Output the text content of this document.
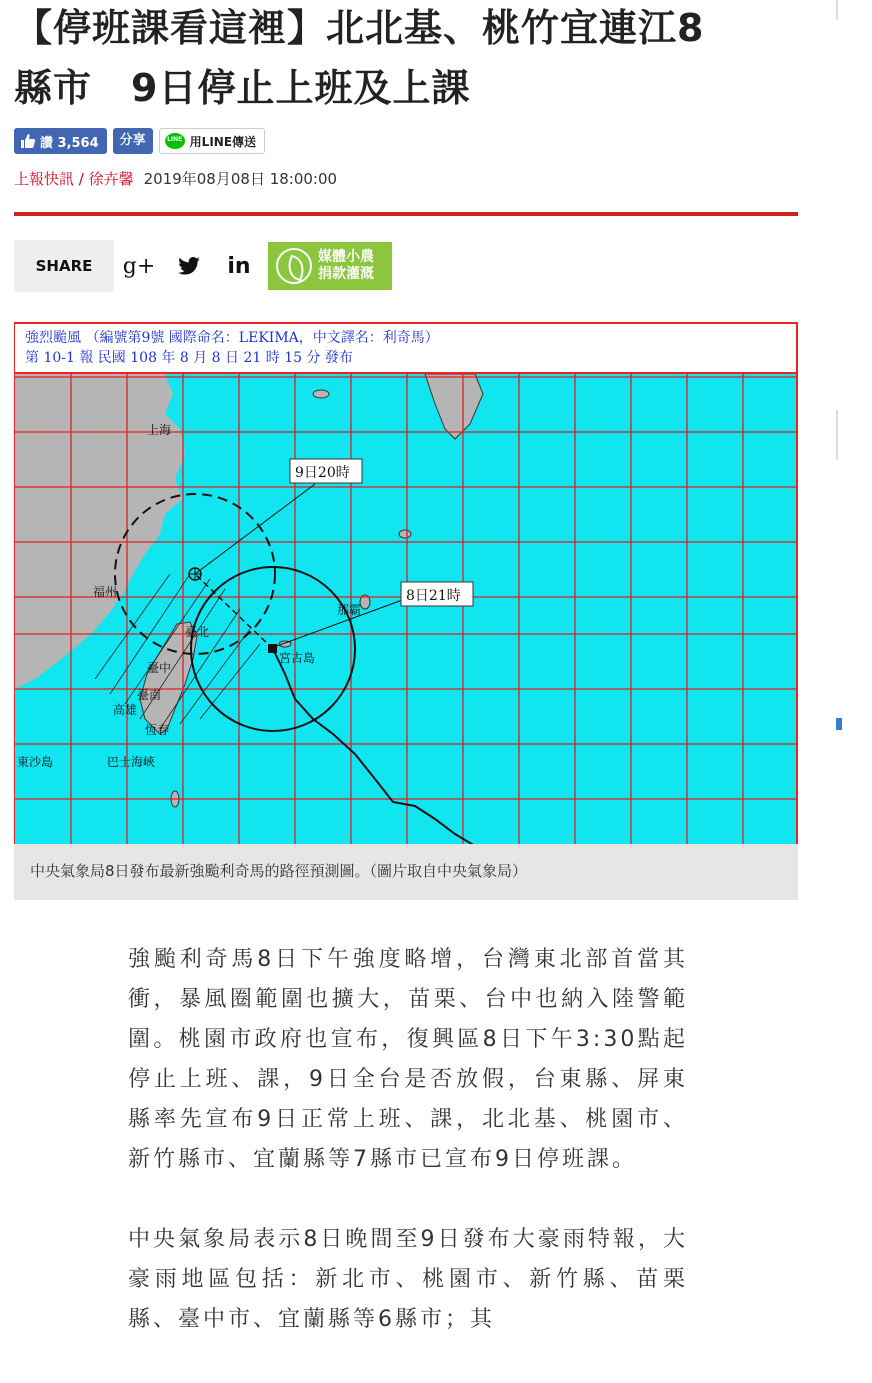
【停班課看這裡】北北基、桃竹宜連江8
縣市　9日停止上班及上課
讚 3,564	分享	LINE 用LINE傳送
上報快訊 / 徐卉馨 2019年08月08日 18:00:00
SHARE	g+	in	媒體小農
捐款灌溉
強烈颱風 （編號第9號 國際命名：LEKIMA，中文譯名：利奇馬）
第 10-1 報 民國 108 年 8 月 8 日 21 時 15 分 發布
9日20時
8日21時
上海
那霸
臺北
臺中
臺南
高雄
恆春
宮古島
東沙島	巴士海峽
福州
中央氣象局8日發布最新強颱利奇馬的路徑預測圖。（圖片取自中央氣象局）

強颱利奇馬8日下午強度略增，台灣東北部首當其衝，暴風圈範圍也擴大，苗栗、台中也納入陸警範圍。桃園市政府也宣布，復興區8日下午3:30點起停止上班、課，9日全台是否放假，台東縣、屏東縣率先宣布9日正常上班、課，北北基、桃園市、新竹縣市、宜蘭縣等7縣市已宣布9日停班課。

中央氣象局表示8日晚間至9日發布大豪雨特報，大豪雨地區包括：新北市、桃園市、新竹縣、苗栗縣、臺中市、宜蘭縣等6縣市；其
